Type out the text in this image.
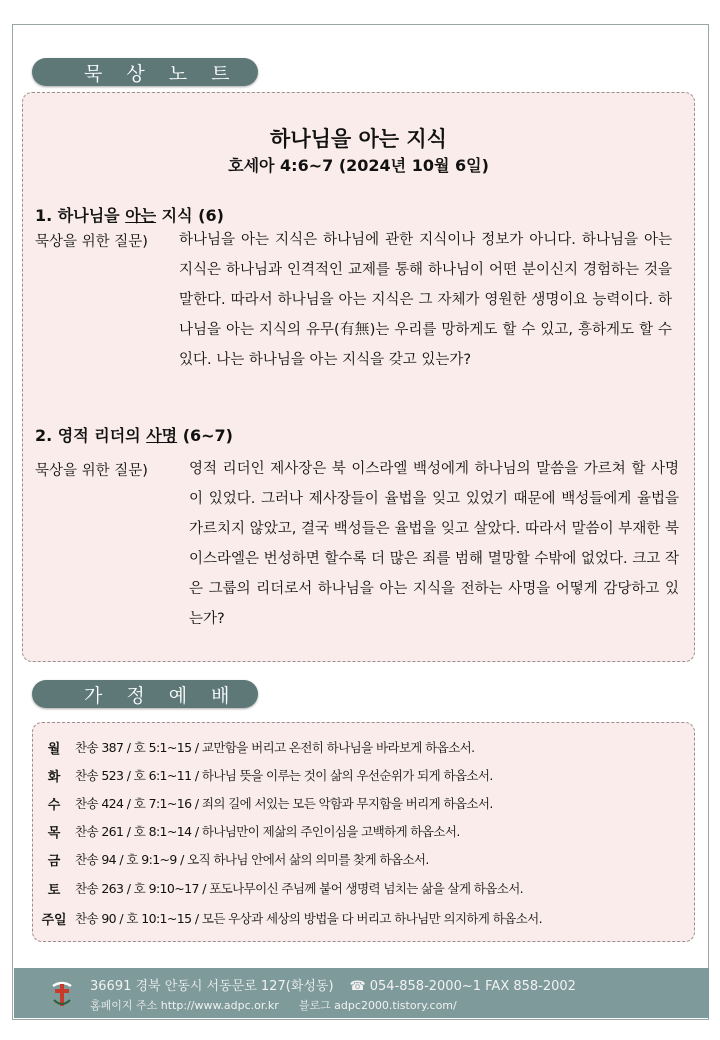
묵 상 노 트
하나님을 아는 지식
호세아 4:6~7 (2024년 10월 6일)
1. 하나님을 아는 지식 (6)
묵상을 위한 질문) 하나님을 아는 지식은 하나님에 관한 지식이나 정보가 아니다. 하나님을 아는 지식은 하나님과 인격적인 교제를 통해 하나님이 어떤 분이신지 경험하는 것을 말한다. 따라서 하나님을 아는 지식은 그 자체가 영원한 생명이요 능력이다. 하나님을 아는 지식의 유무(有無)는 우리를 망하게도 할 수 있고, 흥하게도 할 수 있다. 나는 하나님을 아는 지식을 갖고 있는가?
2. 영적 리더의 사명 (6~7)
묵상을 위한 질문)	영적 리더인 제사장은 북 이스라엘 백성에게 하나님의 말씀을 가르쳐 할 사명이 있었다. 그러나 제사장들이 율법을 잊고 있었기 때문에 백성들에게 율법을 가르치지 않았고, 결국 백성들은 율법을 잊고 살았다. 따라서 말씀이 부재한 북이스라엘은 번성하면 할수록 더 많은 죄를 범해 멸망할 수밖에 없었다. 크고 작은 그룹의 리더로서 하나님을 아는 지식을 전하는 사명을 어떻게 감당하고 있는가?
가 정 예 배
월	찬송 387 / 호 5:1~15 / 교만함을 버리고 온전히 하나님을 바라보게 하옵소서.
화	찬송 523 / 호 6:1~11 / 하나님 뜻을 이루는 것이 삶의 우선순위가 되게 하옵소서.
수	찬송 424 / 호 7:1~16 / 죄의 길에 서있는 모든 악함과 무지함을 버리게 하옵소서.
목	찬송 261 / 호 8:1~14 / 하나님만이 제삶의 주인이심을 고백하게 하옵소서.
금	찬송 94 / 호 9:1~9 / 오직 하나님 안에서 삶의 의미를 찾게 하옵소서.
토	찬송 263 / 호 9:10~17 / 포도나무이신 주님께 붙어 생명력 넘치는 삶을 살게 하옵소서.
주일 찬송 90 / 호 10:1~15 / 모든 우상과 세상의 방법을 다 버리고 하나님만 의지하게 하옵소서.
36691 경북 안동시 서동문로 127(화성동) ☎ 054-858-2000~1 FAX 858-2002
홈페이지 주소 http://www.adpc.or.kr 블로그 adpc2000.tistory.com/
